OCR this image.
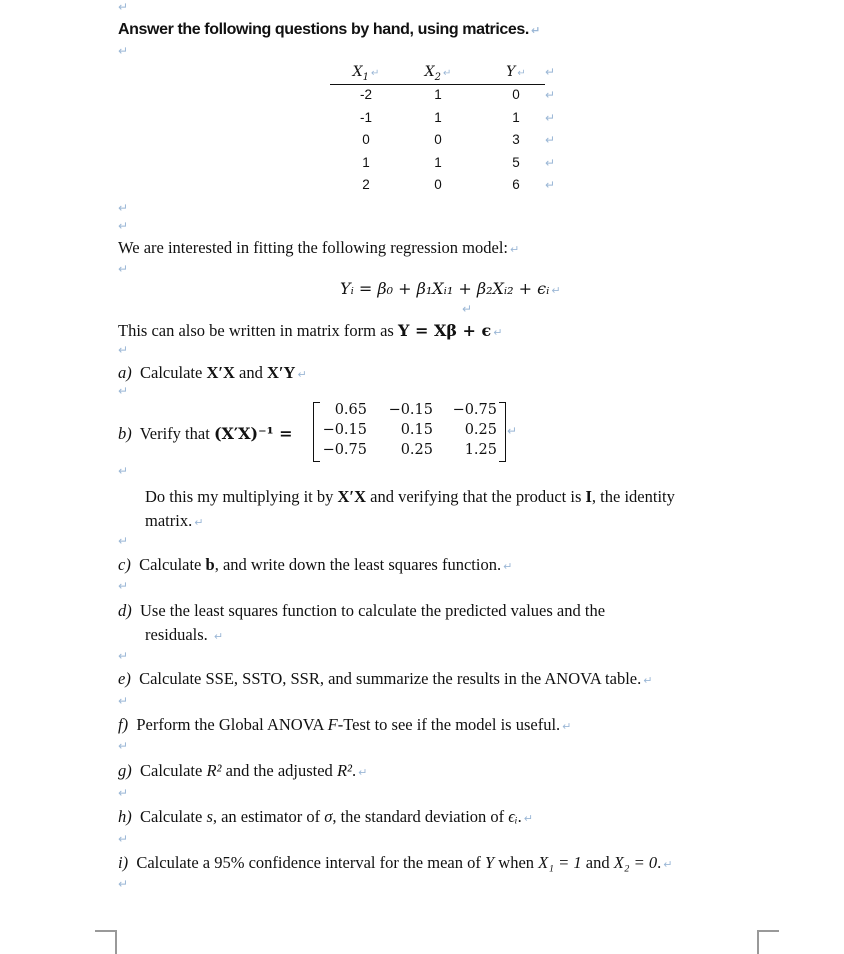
↵
↵
↵
↵
↵
↵
↵
↵
↵
↵
↵
↵
↵
↵
↵
↵
↵
Answer the following questions by hand, using matrices. ↵
$X_1$ ↵	$X_2$ ↵	Y ↵	↵
-2	1	0	↵
-1	1	1	↵
0	0	3	↵
1	1	5	↵
2	0	6	↵
We are interested in fitting the following regression model: ↵
Yᵢ = β₀ + β₁Xᵢ₁ + β₂Xᵢ₂ + ϵᵢ ↵
This can also be written in matrix form as Y = Xβ + ϵ ↵
a) Calculate X′X and X′Y ↵
b) Verify that (X′X)⁻¹ =
0.65	−0.15	−0.75
−0.15	0.15	0.25
−0.75	0.25	1.25
↵
Do this my multiplying it by X′X and verifying that the product is I, the identity
matrix. ↵
c) Calculate b, and write down the least squares function. ↵
d) Use the least squares function to calculate the predicted values and the
residuals. ↵
e) Calculate SSE, SSTO, SSR, and summarize the results in the ANOVA table. ↵
f) Perform the Global ANOVA F-Test to see if the model is useful. ↵
g) Calculate R² and the adjusted R². ↵
h) Calculate s, an estimator of σ, the standard deviation of ϵᵢ. ↵
i) Calculate a 95% confidence interval for the mean of Y when X₁ = 1 and X₂ = 0. ↵
